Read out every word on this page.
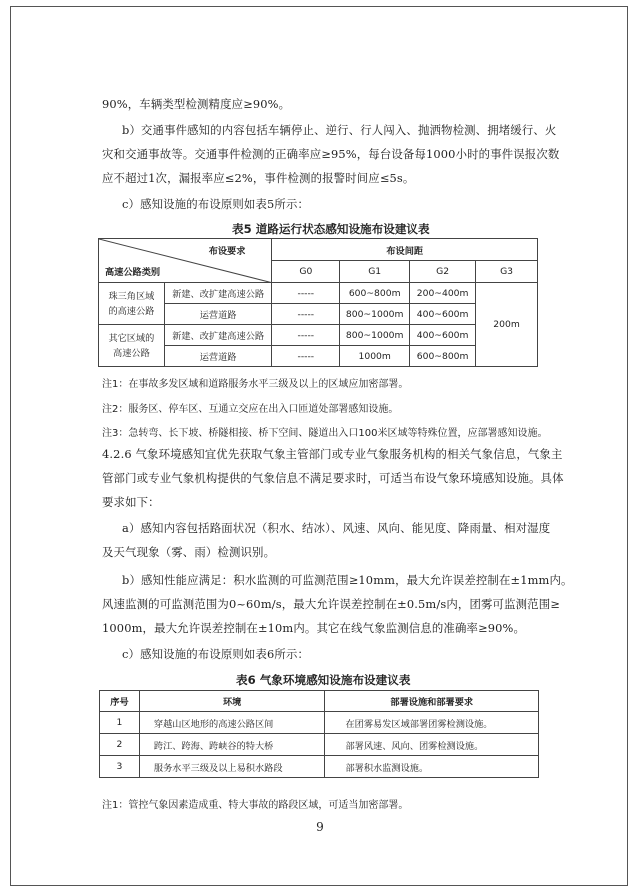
90%，车辆类型检测精度应≥90%。
b）交通事件感知的内容包括车辆停止、逆行、行人闯入、抛洒物检测、拥堵缓行、火
灾和交通事故等。交通事件检测的正确率应≥95%，每台设备每1000小时的事件误报次数
应不超过1次，漏报率应≤2%，事件检测的报警时间应≤5s。
c）感知设施的布设原则如表5所示：
表5 道路运行状态感知设施布设建议表
布设要求
高速公路类别		布设间距			
		G0	G1	G2	G3
珠三角区域的高速公路	新建、改扩建高速公路	-----	600~800m	200~400m	200m
	运营道路	-----	800~1000m	400~600m	
其它区域的高速公路	新建、改扩建高速公路	-----	800~1000m	400~600m	
	运营道路	-----	1000m	600~800m	
注1：在事故多发区域和道路服务水平三级及以上的区域应加密部署。
注2：服务区、停车区、互通立交应在出入口匝道处部署感知设施。
注3：急转弯、长下坡、桥隧相接、桥下空间、隧道出入口100米区域等特殊位置，应部署感知设施。
4.2.6 气象环境感知宜优先获取气象主管部门或专业气象服务机构的相关气象信息，气象主
管部门或专业气象机构提供的气象信息不满足要求时，可适当布设气象环境感知设施。具体
要求如下：
a）感知内容包括路面状况（积水、结冰）、风速、风向、能见度、降雨量、相对湿度
及天气现象（雾、雨）检测识别。
b）感知性能应满足：积水监测的可监测范围≥10mm，最大允许误差控制在±1mm内。
风速监测的可监测范围为0~60m/s，最大允许误差控制在±0.5m/s内，团雾可监测范围≥
1000m，最大允许误差控制在±10m内。其它在线气象监测信息的准确率≥90%。
c）感知设施的布设原则如表6所示：
表6 气象环境感知设施布设建议表
序号	环境	部署设施和部署要求
1	穿越山区地形的高速公路区间	在团雾易发区域部署团雾检测设施。
2	跨江、跨海、跨峡谷的特大桥	部署风速、风向、团雾检测设施。
3	服务水平三级及以上易积水路段	部署积水监测设施。
注1：管控气象因素造成重、特大事故的路段区域，可适当加密部署。
9
